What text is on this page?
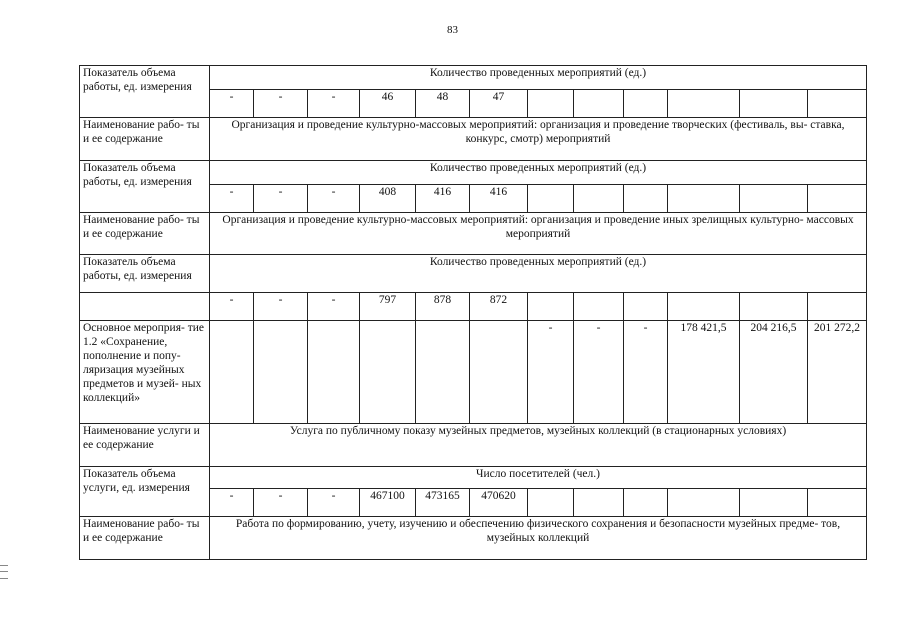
83
Показатель объема работы, ед. измерения	Количество проведенных мероприятий (ед.)											
	-	-	-	46	48	47						
Наименование рабо- ты и ее содержание	Организация и проведение культурно-массовых мероприятий: организация и проведение творческих (фестиваль, вы- ставка, конкурс, смотр) мероприятий											
Показатель объема работы, ед. измерения	Количество проведенных мероприятий (ед.)											
	-	-	-	408	416	416						
Наименование рабо- ты и ее содержание	Организация и проведение культурно-массовых мероприятий: организация и проведение иных зрелищных культурно- массовых мероприятий											
Показатель объема работы, ед. измерения	Количество проведенных мероприятий (ед.)											
	-	-	-	797	878	872						
Основное мероприя- тие 1.2 «Сохранение, пополнение и попу- ляризация музейных предметов и музей- ных коллекций»							-	-	-	178 421,5	204 216,5	201 272,2
Наименование услуги и ее содержание	Услуга по публичному показу музейных предметов, музейных коллекций (в стационарных условиях)											
Показатель объема услуги, ед. измерения	Число посетителей (чел.)											
	-	-	-	467100	473165	470620						
Наименование рабо- ты и ее содержание	Работа по формированию, учету, изучению и обеспечению физического сохранения и безопасности музейных предме- тов, музейных коллекций											
